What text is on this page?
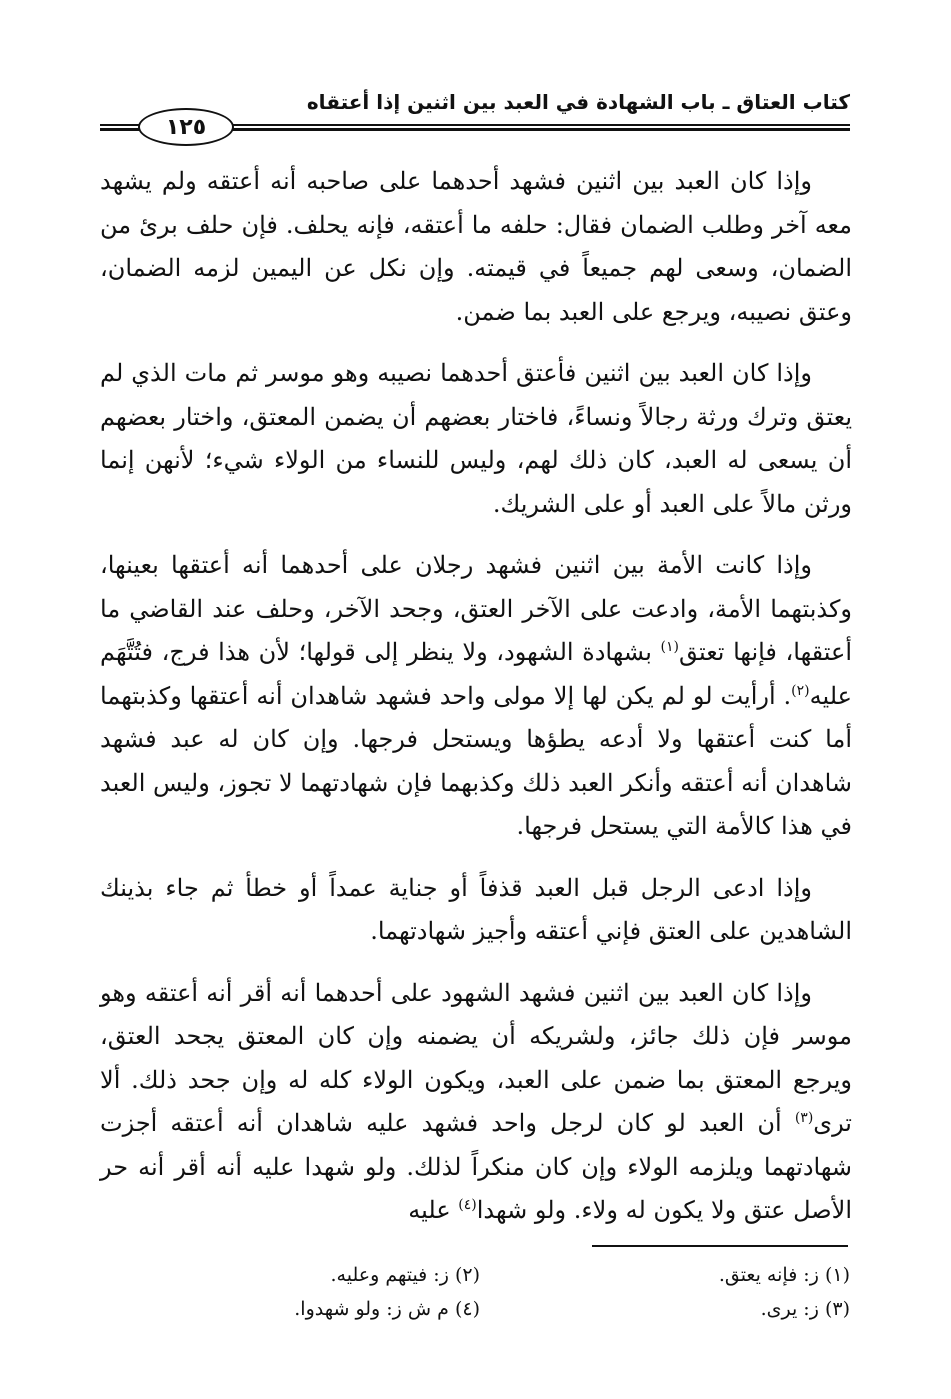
كتاب العتاق ـ باب الشهادة في العبد بين اثنين إذا أعتقاه
١٢٥

وإذا كان العبد بين اثنين فشهد أحدهما على صاحبه أنه أعتقه ولم يشهد معه آخر وطلب الضمان فقال: حلفه ما أعتقه، فإنه يحلف. فإن حلف برئ من الضمان، وسعى لهم جميعاً في قيمته. وإن نكل عن اليمين لزمه الضمان، وعتق نصيبه، ويرجع على العبد بما ضمن.

وإذا كان العبد بين اثنين فأعتق أحدهما نصيبه وهو موسر ثم مات الذي لم يعتق وترك ورثة رجالاً ونساءً، فاختار بعضهم أن يضمن المعتق، واختار بعضهم أن يسعى له العبد، كان ذلك لهم، وليس للنساء من الولاء شيء؛ لأنهن إنما ورثن مالاً على العبد أو على الشريك.

وإذا كانت الأمة بين اثنين فشهد رجلان على أحدهما أنه أعتقها بعينها، وكذبتهما الأمة، وادعت على الآخر العتق، وجحد الآخر، وحلف عند القاضي ما أعتقها، فإنها تعتق$^{(١)}$ بشهادة الشهود، ولا ينظر إلى قولها؛ لأن هذا فرج، فتُتَّهَم عليه$^{(٢)}$. أرأيت لو لم يكن لها إلا مولى واحد فشهد شاهدان أنه أعتقها وكذبتهما أما كنت أعتقها ولا أدعه يطؤها ويستحل فرجها. وإن كان له عبد فشهد شاهدان أنه أعتقه وأنكر العبد ذلك وكذبهما فإن شهادتهما لا تجوز، وليس العبد في هذا كالأمة التي يستحل فرجها.

وإذا ادعى الرجل قبل العبد قذفاً أو جناية عمداً أو خطأ ثم جاء بذينك الشاهدين على العتق فإني أعتقه وأجيز شهادتهما.

وإذا كان العبد بين اثنين فشهد الشهود على أحدهما أنه أقر أنه أعتقه وهو موسر فإن ذلك جائز، ولشريكه أن يضمنه وإن كان المعتق يجحد العتق، ويرجع المعتق بما ضمن على العبد، ويكون الولاء كله له وإن جحد ذلك. ألا ترى$^{(٣)}$ أن العبد لو كان لرجل واحد فشهد عليه شاهدان أنه أعتقه أجزت شهادتهما ويلزمه الولاء وإن كان منكراً لذلك. ولو شهدا عليه أنه أقر أنه حر الأصل عتق ولا يكون له ولاء. ولو شهدا$^{(٤)}$ عليه

(١) ز: فإنه يعتق.
(٢) ز: فيتهم وعليه.
(٣) ز: يرى.
(٤) م ش ز: ولو شهدوا.
